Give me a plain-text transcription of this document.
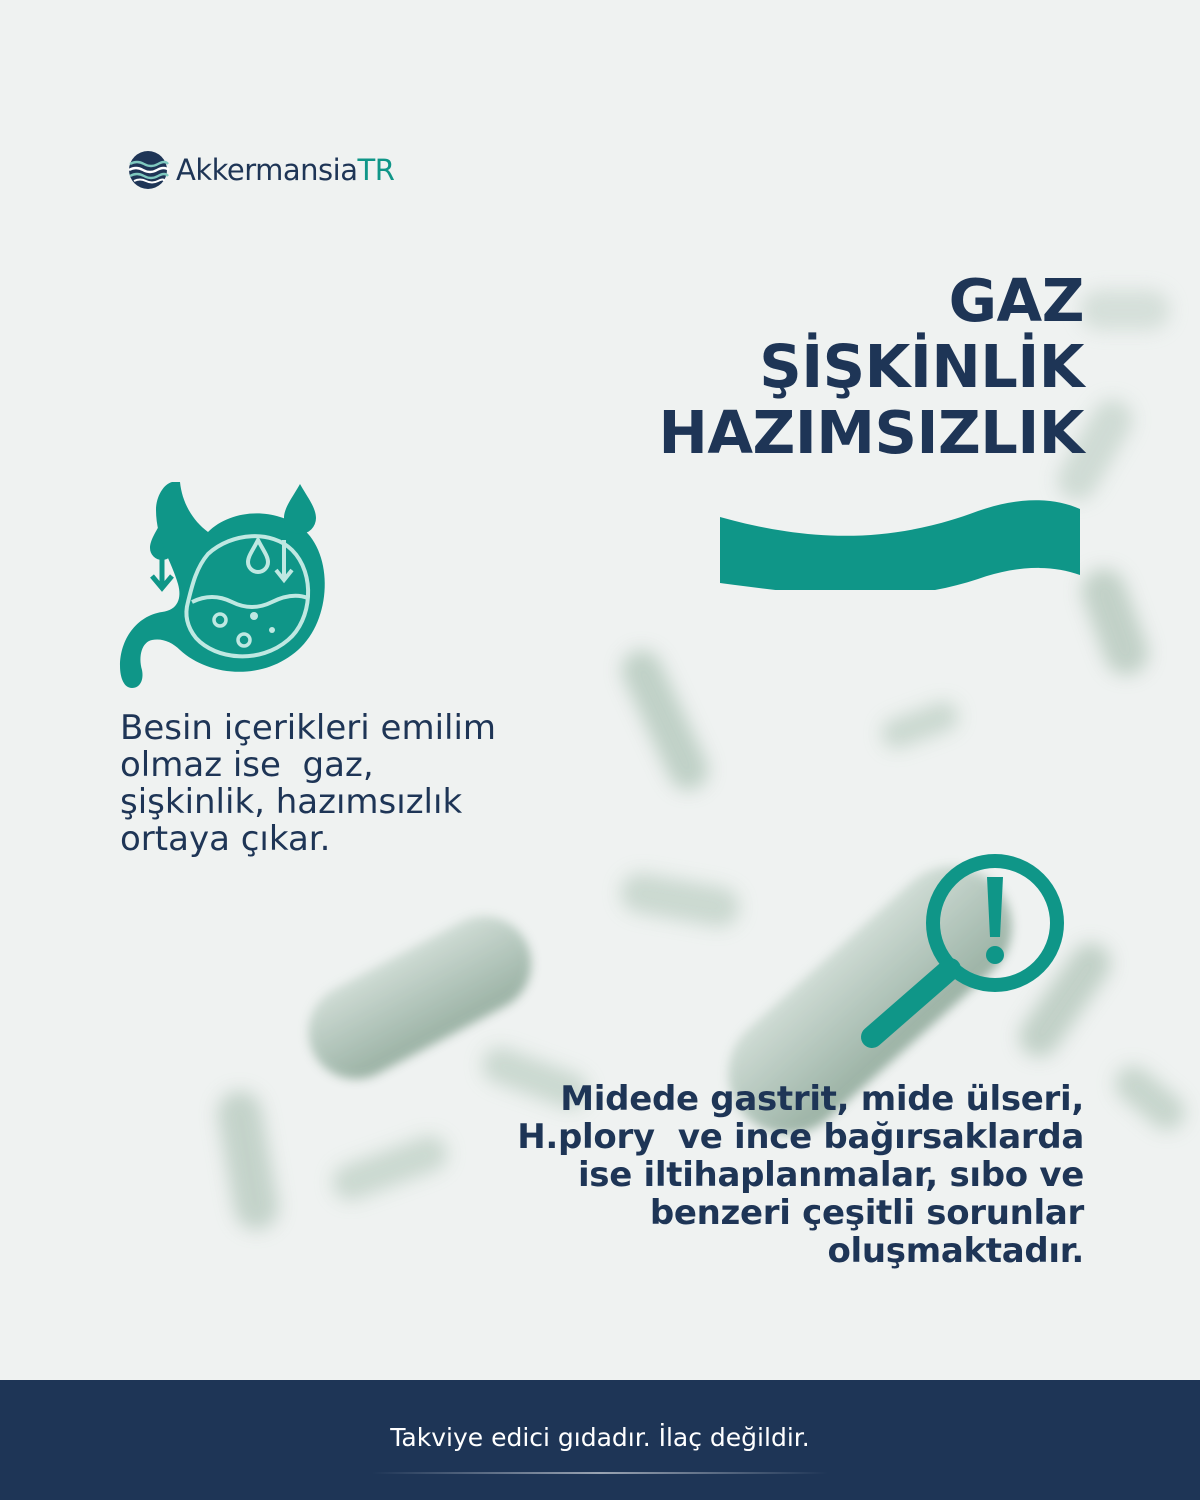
AkkermansiaTR
GAZ
ŞİŞKİNLİK
HAZIMSIZLIK
Besin içerikleri emilim
olmaz ise  gaz,
şişkinlik, hazımsızlık
ortaya çıkar.
Midede gastrit, mide ülseri,
H.plory  ve ince bağırsaklarda
ise iltihaplanmalar, sıbo ve
benzeri çeşitli sorunlar
oluşmaktadır.
Takviye edici gıdadır. İlaç değildir.
